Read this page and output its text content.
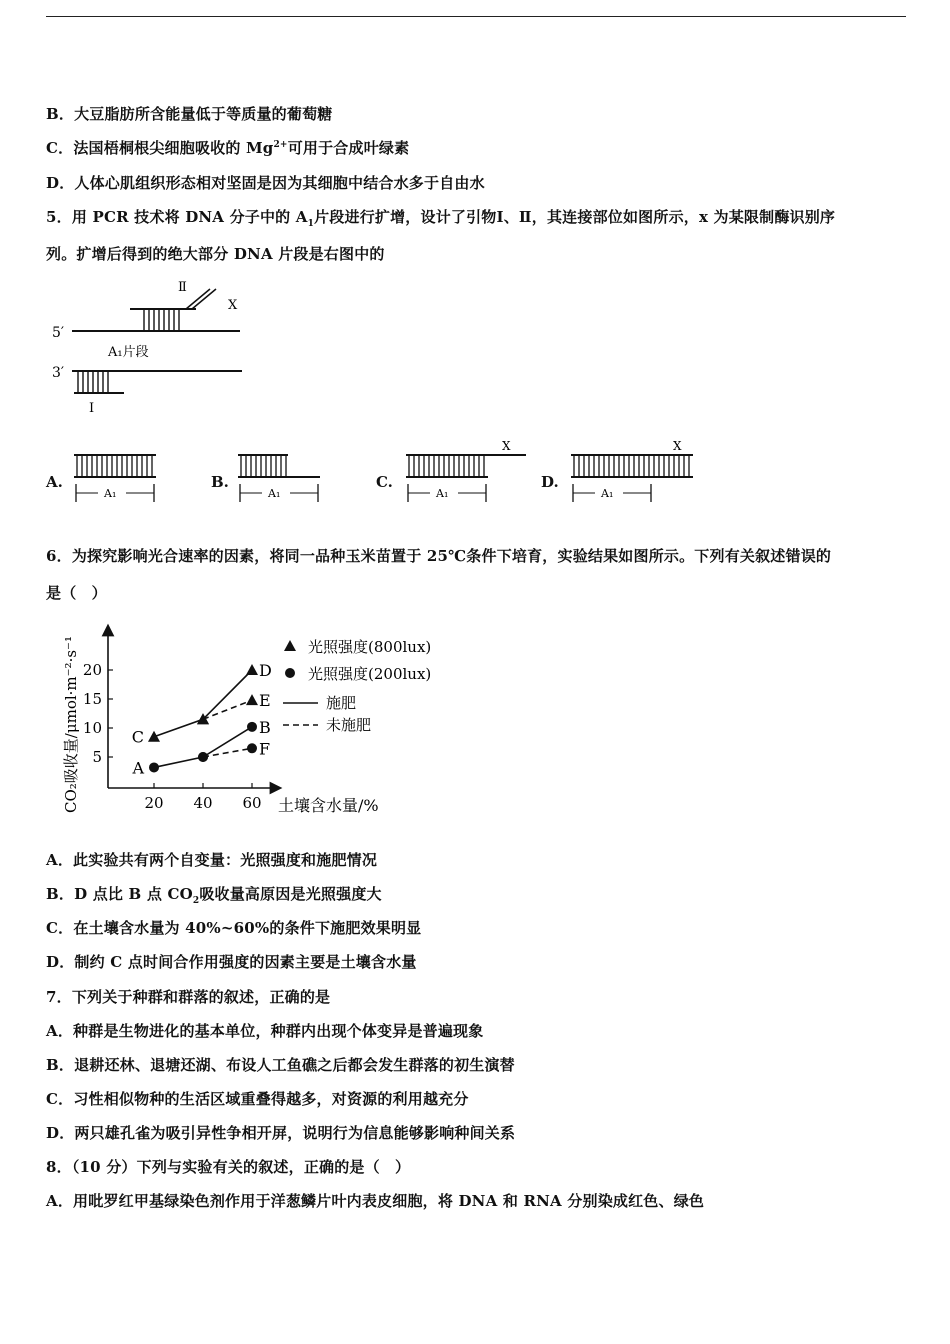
B．大豆脂肪所含能量低于等质量的葡萄糖
C．法国梧桐根尖细胞吸收的 $Mg^{2+}$可用于合成叶绿素
D．人体心肌组织形态相对坚固是因为其细胞中结合水多于自由水
5．用 PCR 技术将 DNA 分子中的 $A_1$片段进行扩增，设计了引物Ⅰ、Ⅱ，其连接部位如图所示，x 为某限制酶识别序
列。扩增后得到的绝大部分 DNA 片段是右图中的
5′
Ⅱ
X
A₁片段
3′
Ⅰ
A.
A₁
B.
A₁
C.
X
A₁
D.
X
A₁
6．为探究影响光合速率的因素，将同一品种玉米苗置于 25℃条件下培育，实验结果如图所示。下列有关叙述错误的
是（　）
CO₂吸收量/μmol·m⁻²·s⁻¹ 5
10
15
20
20 40 60
C
D
E
A
B
F
土壤含水量/%
光照强度(800lux)
光照强度(200lux)
施肥
未施肥
A．此实验共有两个自变量：光照强度和施肥情况
B．D 点比 B 点 $CO_2$吸收量高原因是光照强度大
C．在土壤含水量为 40%~60%的条件下施肥效果明显
D．制约 C 点时间合作用强度的因素主要是土壤含水量
7．下列关于种群和群落的叙述，正确的是
A．种群是生物进化的基本单位，种群内出现个体变异是普遍现象
B．退耕还林、退塘还湖、布设人工鱼礁之后都会发生群落的初生演替
C．习性相似物种的生活区域重叠得越多，对资源的利用越充分
D．两只雄孔雀为吸引异性争相开屏，说明行为信息能够影响种间关系
8．（10 分）下列与实验有关的叙述，正确的是（　）
A．用吡罗红甲基绿染色剂作用于洋葱鳞片叶内表皮细胞，将 DNA 和 RNA 分别染成红色、绿色
